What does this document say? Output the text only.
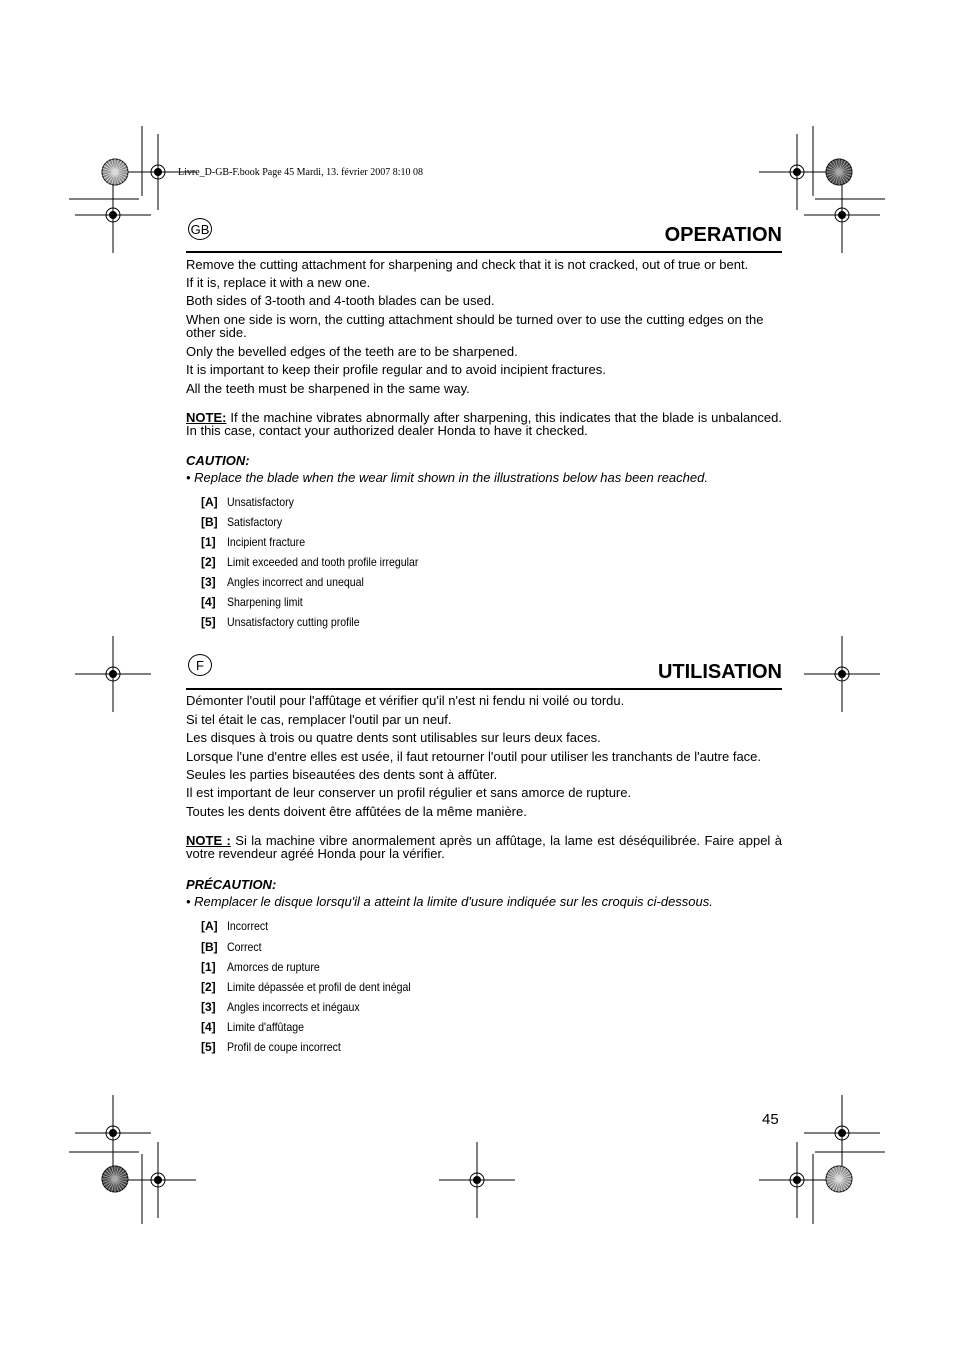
Livre_D-GB-F.book Page 45 Mardi, 13. février 2007 8:10 08
GB	OPERATION
Remove the cutting attachment for sharpening and check that it is not cracked, out of true or bent.
If it is, replace it with a new one.
Both sides of 3-tooth and 4-tooth blades can be used.
When one side is worn, the cutting attachment should be turned over to use the cutting edges on the other side.
Only the bevelled edges of the teeth are to be sharpened.
It is important to keep their profile regular and to avoid incipient fractures.
All the teeth must be sharpened in the same way.
NOTE: If the machine vibrates abnormally after sharpening, this indicates that the blade is unbalanced. In this case, contact your authorized dealer Honda to have it checked.
CAUTION:
• Replace the blade when the wear limit shown in the illustrations below has been reached.
[A] Unsatisfactory
[B] Satisfactory
[1] Incipient fracture
[2] Limit exceeded and tooth profile irregular
[3] Angles incorrect and unequal
[4] Sharpening limit
[5] Unsatisfactory cutting profile
F	UTILISATION
Démonter l'outil pour l'affûtage et vérifier qu'il n'est ni fendu ni voilé ou tordu.
Si tel était le cas, remplacer l'outil par un neuf.
Les disques à trois ou quatre dents sont utilisables sur leurs deux faces.
Lorsque l'une d'entre elles est usée, il faut retourner l'outil pour utiliser les tranchants de l'autre face.
Seules les parties biseautées des dents sont à affûter.
Il est important de leur conserver un profil régulier et sans amorce de rupture.
Toutes les dents doivent être affûtées de la même manière.
NOTE : Si la machine vibre anormalement après un affûtage, la lame est déséquilibrée. Faire appel à votre revendeur agréé Honda pour la vérifier.
PRÉCAUTION:
• Remplacer le disque lorsqu'il a atteint la limite d'usure indiquée sur les croquis ci-dessous.
[A] Incorrect
[B] Correct
[1] Amorces de rupture
[2] Limite dépassée et profil de dent inégal
[3] Angles incorrects et inégaux
[4] Limite d'affûtage
[5] Profil de coupe incorrect
45
